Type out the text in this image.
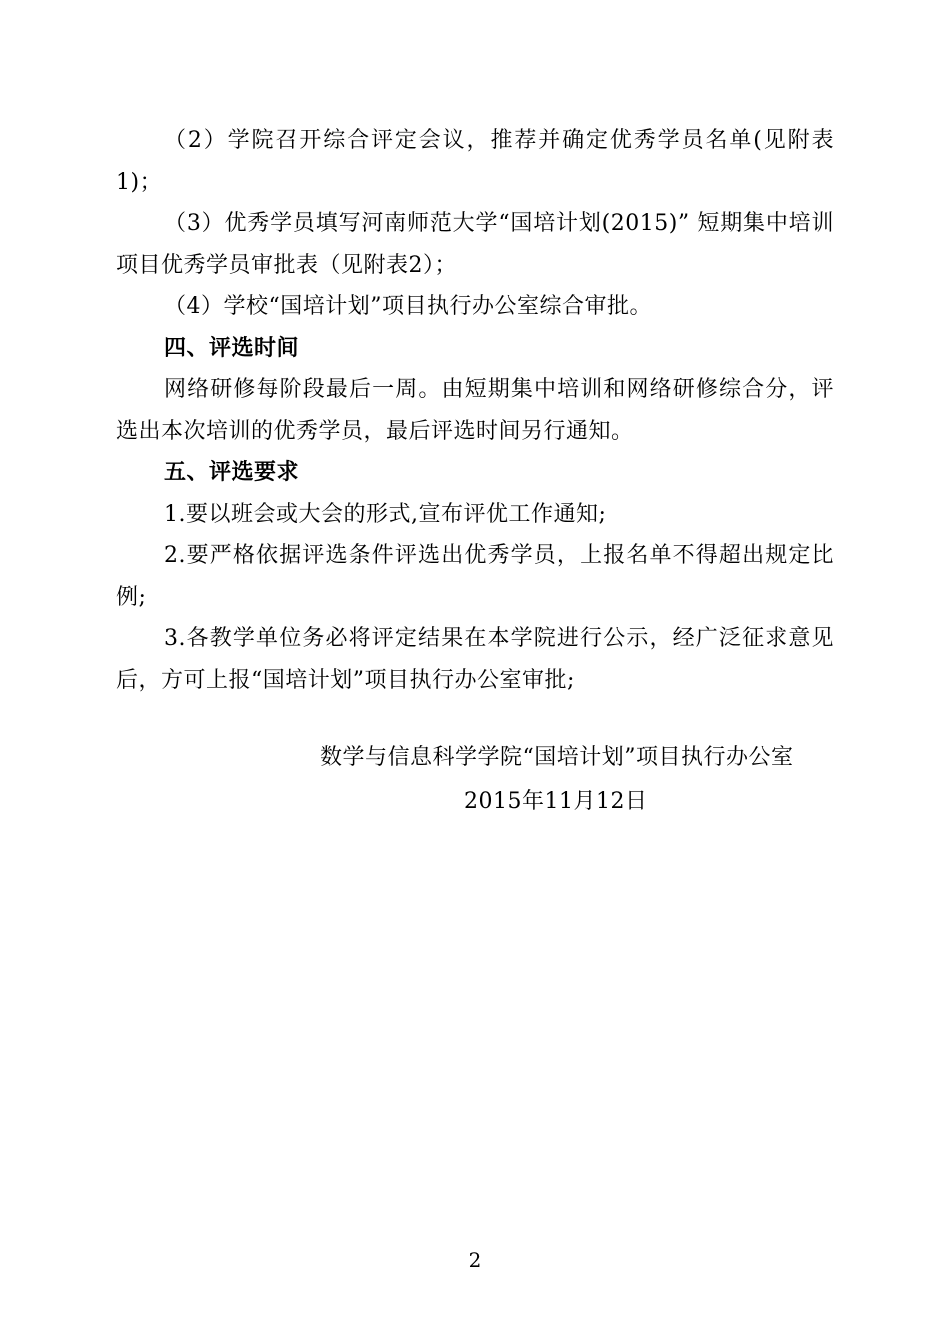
（2）学院召开综合评定会议，推荐并确定优秀学员名单(见附表1)；

（3）优秀学员填写河南师范大学“国培计划(2015)” 短期集中培训项目优秀学员审批表（见附表2）；

（4）学校“国培计划”项目执行办公室综合审批。

四、评选时间

网络研修每阶段最后一周。由短期集中培训和网络研修综合分，评选出本次培训的优秀学员，最后评选时间另行通知。

五、评选要求

1.要以班会或大会的形式,宣布评优工作通知;

2.要严格依据评选条件评选出优秀学员，上报名单不得超出规定比例;

3.各教学单位务必将评定结果在本学院进行公示，经广泛征求意见后，方可上报“国培计划”项目执行办公室审批;

数学与信息科学学院“国培计划”项目执行办公室

2015年11月12日

2
